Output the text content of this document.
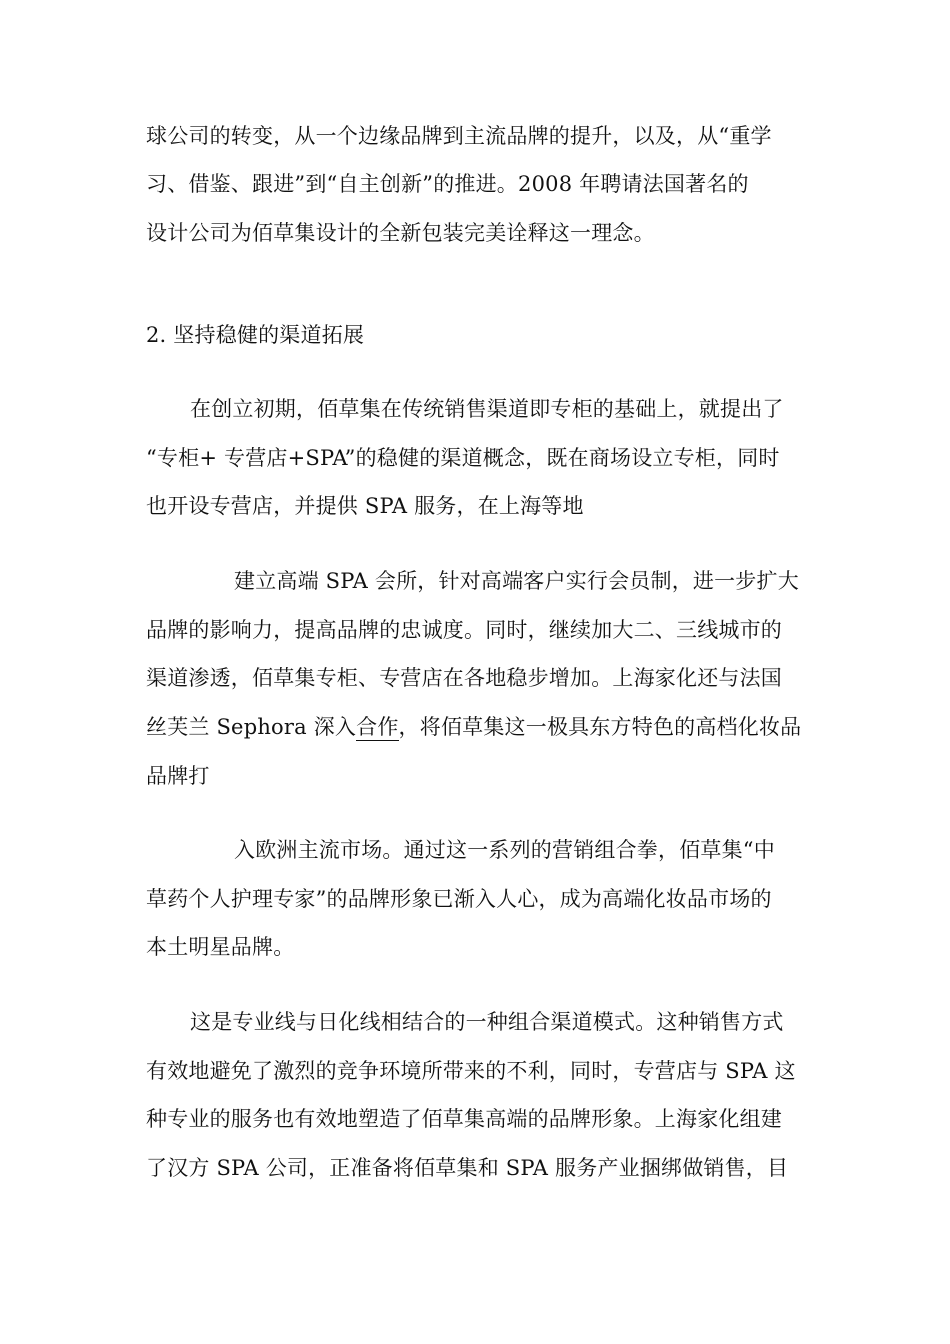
球公司的转变，从一个边缘品牌到主流品牌的提升，以及，从“重学
习、借鉴、跟进”到“自主创新”的推进。2008 年聘请法国著名的
设计公司为佰草集设计的全新包装完美诠释这一理念。
2. 坚持稳健的渠道拓展
在创立初期，佰草集在传统销售渠道即专柜的基础上，就提出了
“专柜+ 专营店+SPA”的稳健的渠道概念，既在商场设立专柜，同时
也开设专营店，并提供 SPA 服务，在上海等地
建立高端 SPA 会所，针对高端客户实行会员制，进一步扩大
品牌的影响力，提高品牌的忠诚度。同时，继续加大二、三线城市的
渠道渗透，佰草集专柜、专营店在各地稳步增加。上海家化还与法国
丝芙兰 Sephora 深入合作，将佰草集这一极具东方特色的高档化妆品
品牌打
入欧洲主流市场。通过这一系列的营销组合拳，佰草集“中
草药个人护理专家”的品牌形象已渐入人心，成为高端化妆品市场的
本土明星品牌。
这是专业线与日化线相结合的一种组合渠道模式。这种销售方式
有效地避免了激烈的竞争环境所带来的不利，同时，专营店与 SPA 这
种专业的服务也有效地塑造了佰草集高端的品牌形象。上海家化组建
了汉方 SPA 公司，正准备将佰草集和 SPA 服务产业捆绑做销售，目
